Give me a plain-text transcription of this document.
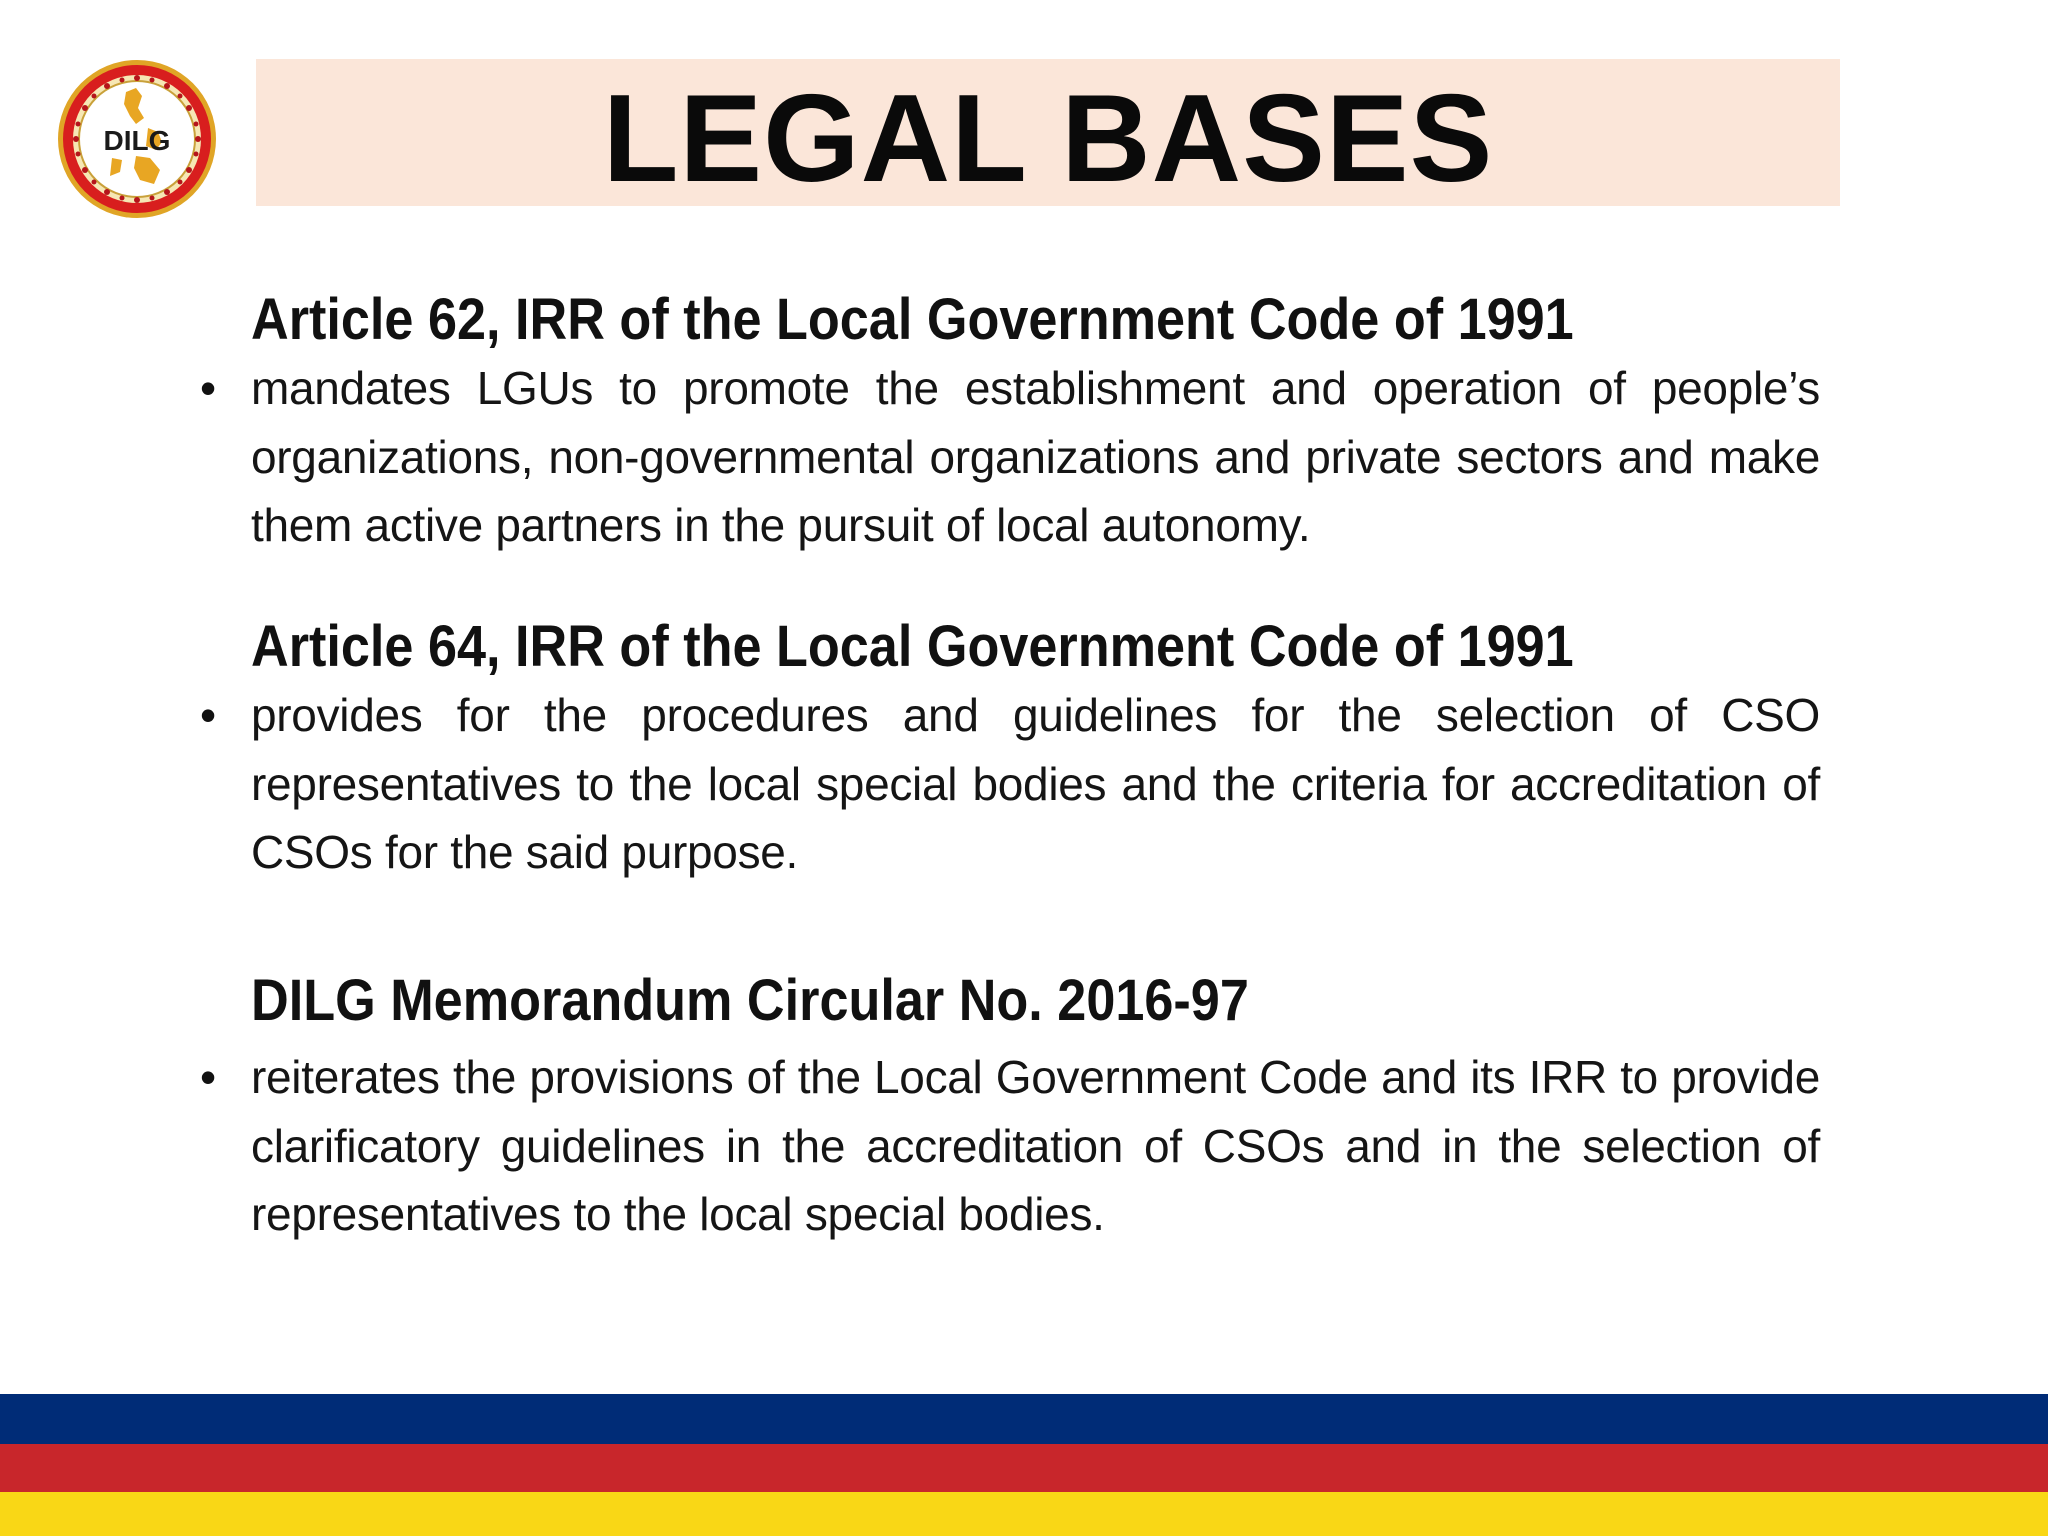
DILG	LEGAL BASES
Article 62, IRR of the Local Government Code of 1991
• mandates LGUs to promote the establishment and operation of people’s organizations, non-governmental organizations and private sectors and make them active partners in the pursuit of local autonomy.

Article 64, IRR of the Local Government Code of 1991
• provides for the procedures and guidelines for the selection of CSO representatives to the local special bodies and the criteria for accreditation of CSOs for the said purpose.

DILG Memorandum Circular No. 2016-97
• reiterates the provisions of the Local Government Code and its IRR to provide clarificatory guidelines in the accreditation of CSOs and in the selection of representatives to the local special bodies.
